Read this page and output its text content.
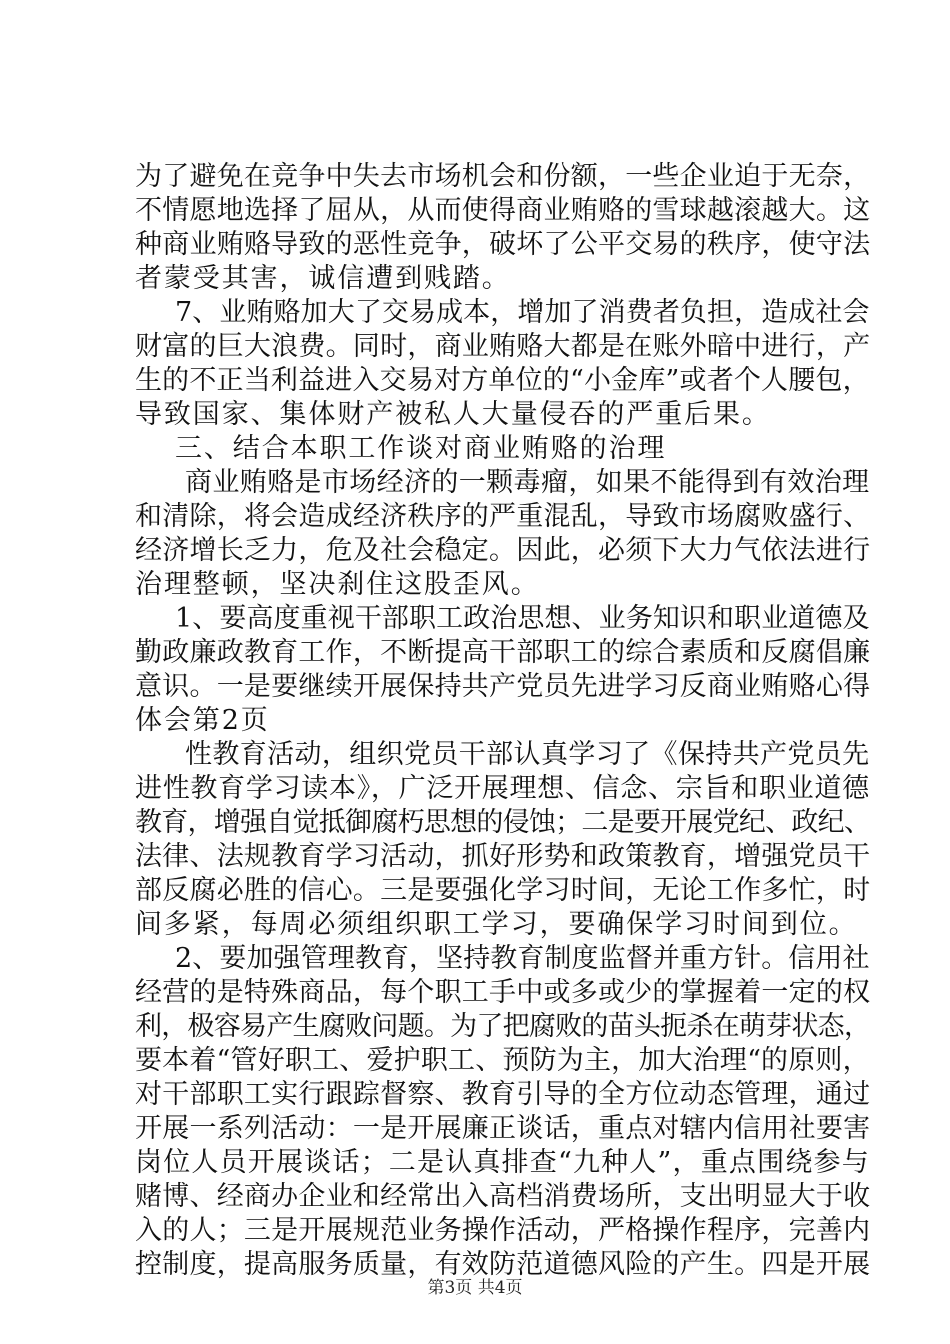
为了避免在竞争中失去市场机会和份额，一些企业迫于无奈，
不情愿地选择了屈从，从而使得商业贿赂的雪球越滚越大。这
种商业贿赂导致的恶性竞争，破坏了公平交易的秩序，使守法
者蒙受其害，诚信遭到贱踏。
7、业贿赂加大了交易成本，增加了消费者负担，造成社会
财富的巨大浪费。同时，商业贿赂大都是在账外暗中进行，产
生的不正当利益进入交易对方单位的“小金库”或者个人腰包，
导致国家、集体财产被私人大量侵吞的严重后果。
三、结合本职工作谈对商业贿赂的治理
商业贿赂是市场经济的一颗毒瘤，如果不能得到有效治理
和清除，将会造成经济秩序的严重混乱，导致市场腐败盛行、
经济增长乏力，危及社会稳定。因此，必须下大力气依法进行
治理整顿，坚决刹住这股歪风。
1、要高度重视干部职工政治思想、业务知识和职业道德及
勤政廉政教育工作，不断提高干部职工的综合素质和反腐倡廉
意识。一是要继续开展保持共产党员先进学习反商业贿赂心得
体会第2页
性教育活动，组织党员干部认真学习了《保持共产党员先
进性教育学习读本》，广泛开展理想、信念、宗旨和职业道德
教育，增强自觉抵御腐朽思想的侵蚀；二是要开展党纪、政纪、
法律、法规教育学习活动，抓好形势和政策教育，增强党员干
部反腐必胜的信心。三是要强化学习时间，无论工作多忙，时
间多紧，每周必须组织职工学习，要确保学习时间到位。
2、要加强管理教育，坚持教育制度监督并重方针。信用社
经营的是特殊商品，每个职工手中或多或少的掌握着一定的权
利，极容易产生腐败问题。为了把腐败的苗头扼杀在萌芽状态，
要本着“管好职工、爱护职工、预防为主，加大治理“的原则，
对干部职工实行跟踪督察、教育引导的全方位动态管理，通过
开展一系列活动：一是开展廉正谈话，重点对辖内信用社要害
岗位人员开展谈话；二是认真排查“九种人”，重点围绕参与
赌博、经商办企业和经常出入高档消费场所，支出明显大于收
入的人；三是开展规范业务操作活动，严格操作程序，完善内
控制度，提高服务质量，有效防范道德风险的产生。四是开展
第3页 共4页
